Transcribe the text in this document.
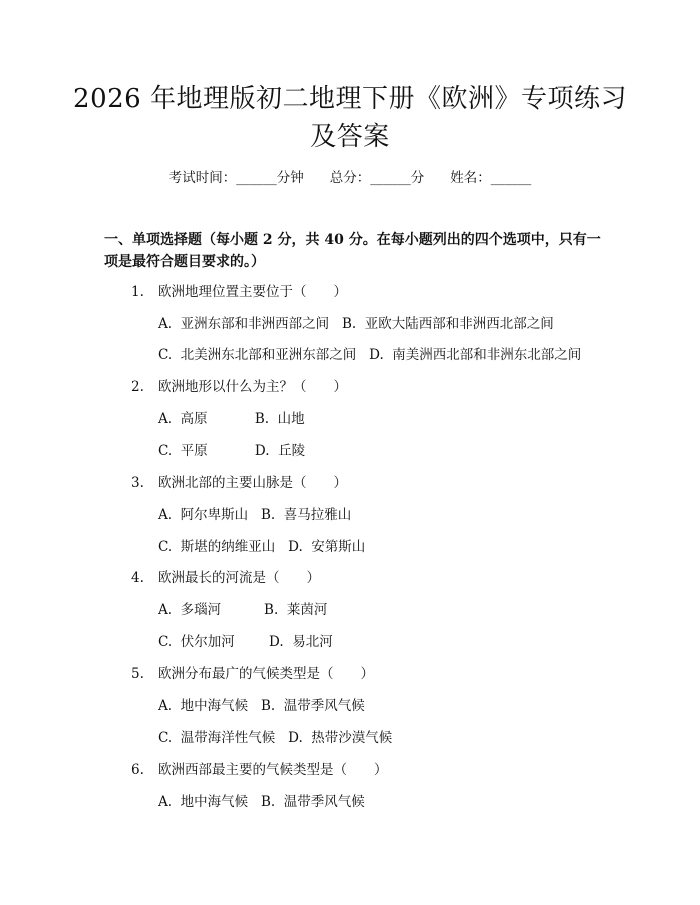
2026 年地理版初二地理下册《欧洲》专项练习及答案
考试时间：______分钟 总分：______分 姓名：______
一、单项选择题（每小题 2 分，共 40 分。在每小题列出的四个选项中，只有一项是最符合题目要求的。）
1. 欧洲地理位置主要位于（　　）
A.  亚洲东部和非洲西部之间   B.  亚欧大陆西部和非洲西北部之间
C.  北美洲东北部和亚洲东部之间   D.  南美洲西北部和非洲东北部之间
2. 欧洲地形以什么为主？（　　）
A.  高原           B.  山地
C.  平原           D.  丘陵
3. 欧洲北部的主要山脉是（　　）
A.  阿尔卑斯山   B.  喜马拉雅山
C.  斯堪的纳维亚山   D.  安第斯山
4. 欧洲最长的河流是（　　）
A.  多瑙河          B.  莱茵河
C.  伏尔加河        D.  易北河
5. 欧洲分布最广的气候类型是（　　）
A.  地中海气候   B.  温带季风气候
C.  温带海洋性气候   D.  热带沙漠气候
6. 欧洲西部最主要的气候类型是（　　）
A.  地中海气候   B.  温带季风气候
